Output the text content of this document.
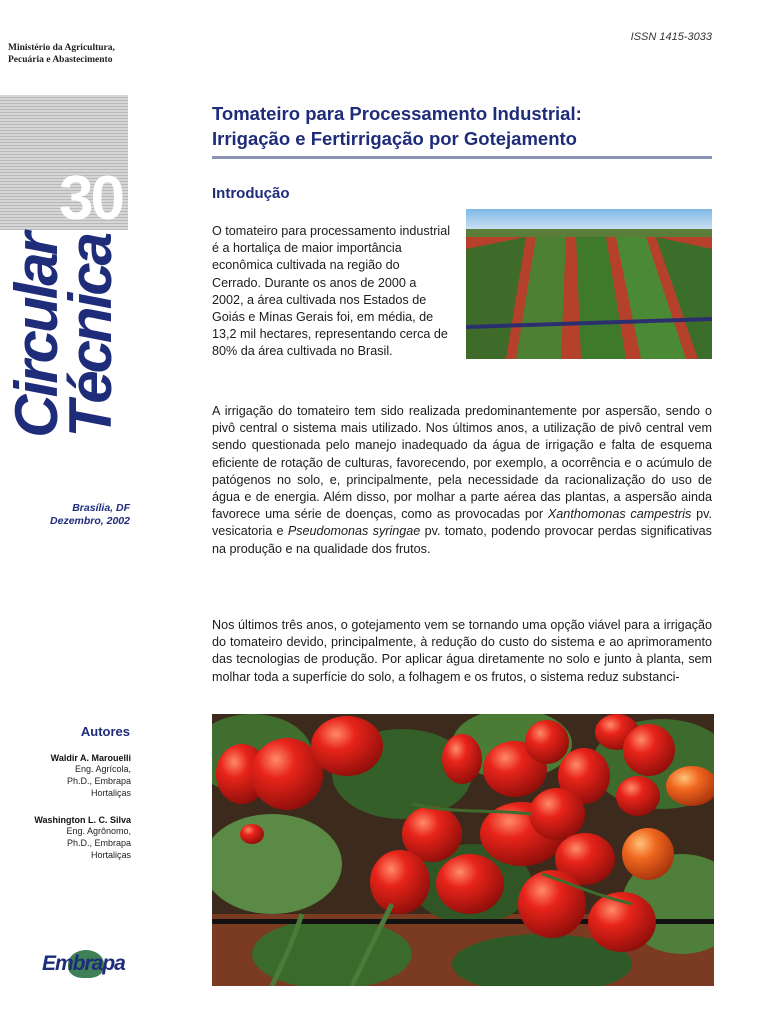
Ministério da Agricultura,
Pecuária e Abastecimento
ISSN 1415-3033
30
Circular
Técnica
Brasília, DF
Dezembro, 2002
Autores
Waldir A. Marouelli
Eng. Agrícola,
Ph.D., Embrapa
Hortaliças
Washington L. C. Silva
Eng. Agrônomo,
Ph.D., Embrapa
Hortaliças
Embrapa
Tomateiro para Processamento Industrial:
Irrigação e Fertirrigação por Gotejamento
Introdução

O tomateiro para processamento industrial é a hortaliça de maior importância econômica cultivada na região do Cerrado. Durante os anos de 2000 a 2002, a área cultivada nos Estados de Goiás e Minas Gerais foi, em média, de 13,2 mil hectares, representando cerca de 80% da área cultivada no Brasil.

A irrigação do tomateiro tem sido realizada predominantemente por aspersão, sendo o pivô central o sistema mais utilizado. Nos últimos anos, a utilização de pivô central vem sendo questionada pelo manejo inadequado da água de irrigação e falta de esquema eficiente de rotação de culturas, favorecendo, por exemplo, a ocorrência e o acúmulo de patógenos no solo, e, principalmente, pela necessidade da racionalização do uso de água e de energia. Além disso, por molhar a parte aérea das plantas, a aspersão ainda favorece uma série de doenças, como as provocadas por Xanthomonas campestris pv. vesicatoria e Pseudomonas syringae pv. tomato, podendo provocar perdas significativas na produção e na qualidade dos frutos.
Nos últimos três anos, o gotejamento vem se tornando uma opção viável para a irrigação do tomateiro devido, principalmente, à redução do custo do sistema e ao aprimoramento das tecnologias de produção. Por aplicar água diretamente no solo e junto à planta, sem molhar toda a superfície do solo, a folhagem e os frutos, o sistema reduz substanci-
